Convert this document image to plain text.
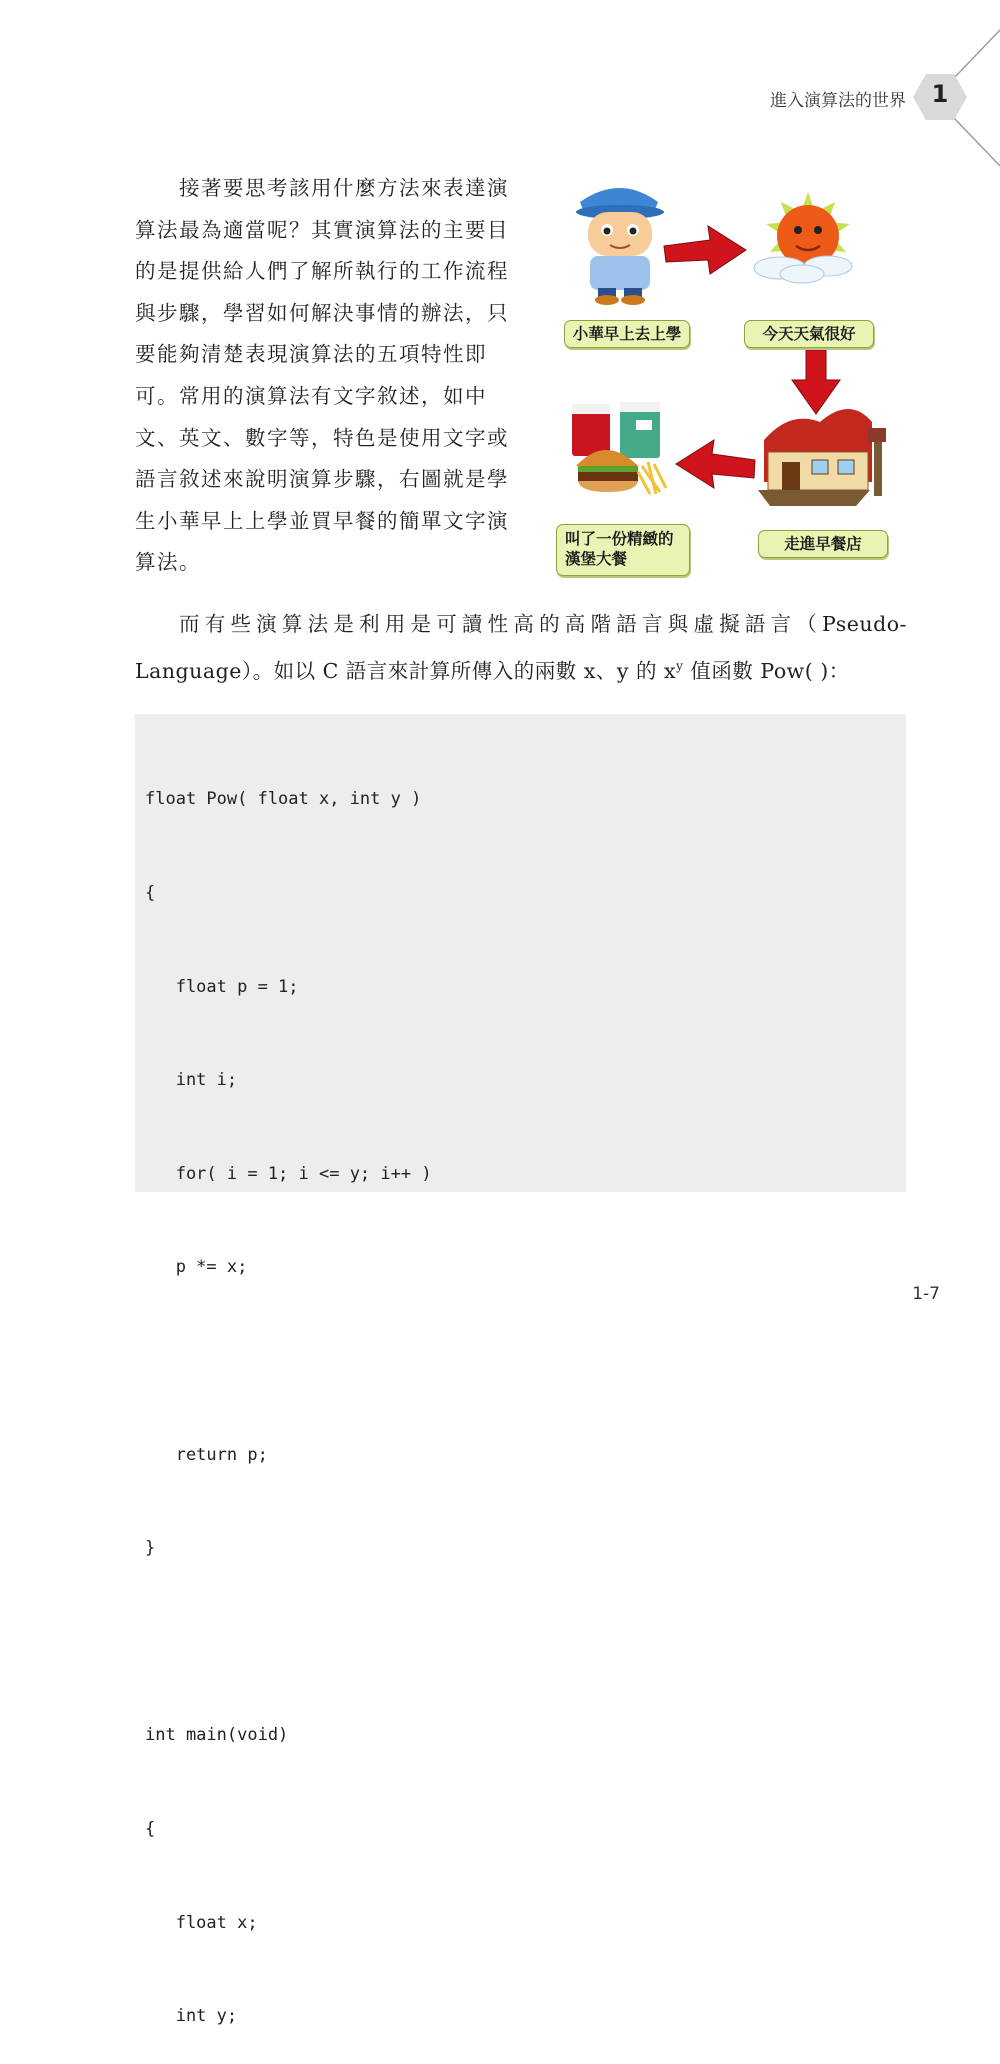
進入演算法的世界	1

接著要思考該用什麼方法來表達演算法最為適當呢？其實演算法的主要目的是提供給人們了解所執行的工作流程與步驟，學習如何解決事情的辦法，只要能夠清楚表現演算法的五項特性即可。常用的演算法有文字敘述，如中文、英文、數字等，特色是使用文字或語言敘述來說明演算步驟，右圖就是學生小華早上上學並買早餐的簡單文字演算法。

小華早上去上學	今天天氣很好
走進早餐店
叫了一份精緻的
漢堡大餐

而有些演算法是利用是可讀性高的高階語言與虛擬語言（Pseudo-Language）。如以 C 語言來計算所傳入的兩數 x、y 的 $x^y$ 值函數 Pow( )：

float Pow( float x, int y )

{

float p = 1;

int i;

for( i = 1; i <= y; i++ )

p *= x;

return p;

}

int main(void)

{

float x;

int y;

1-7
